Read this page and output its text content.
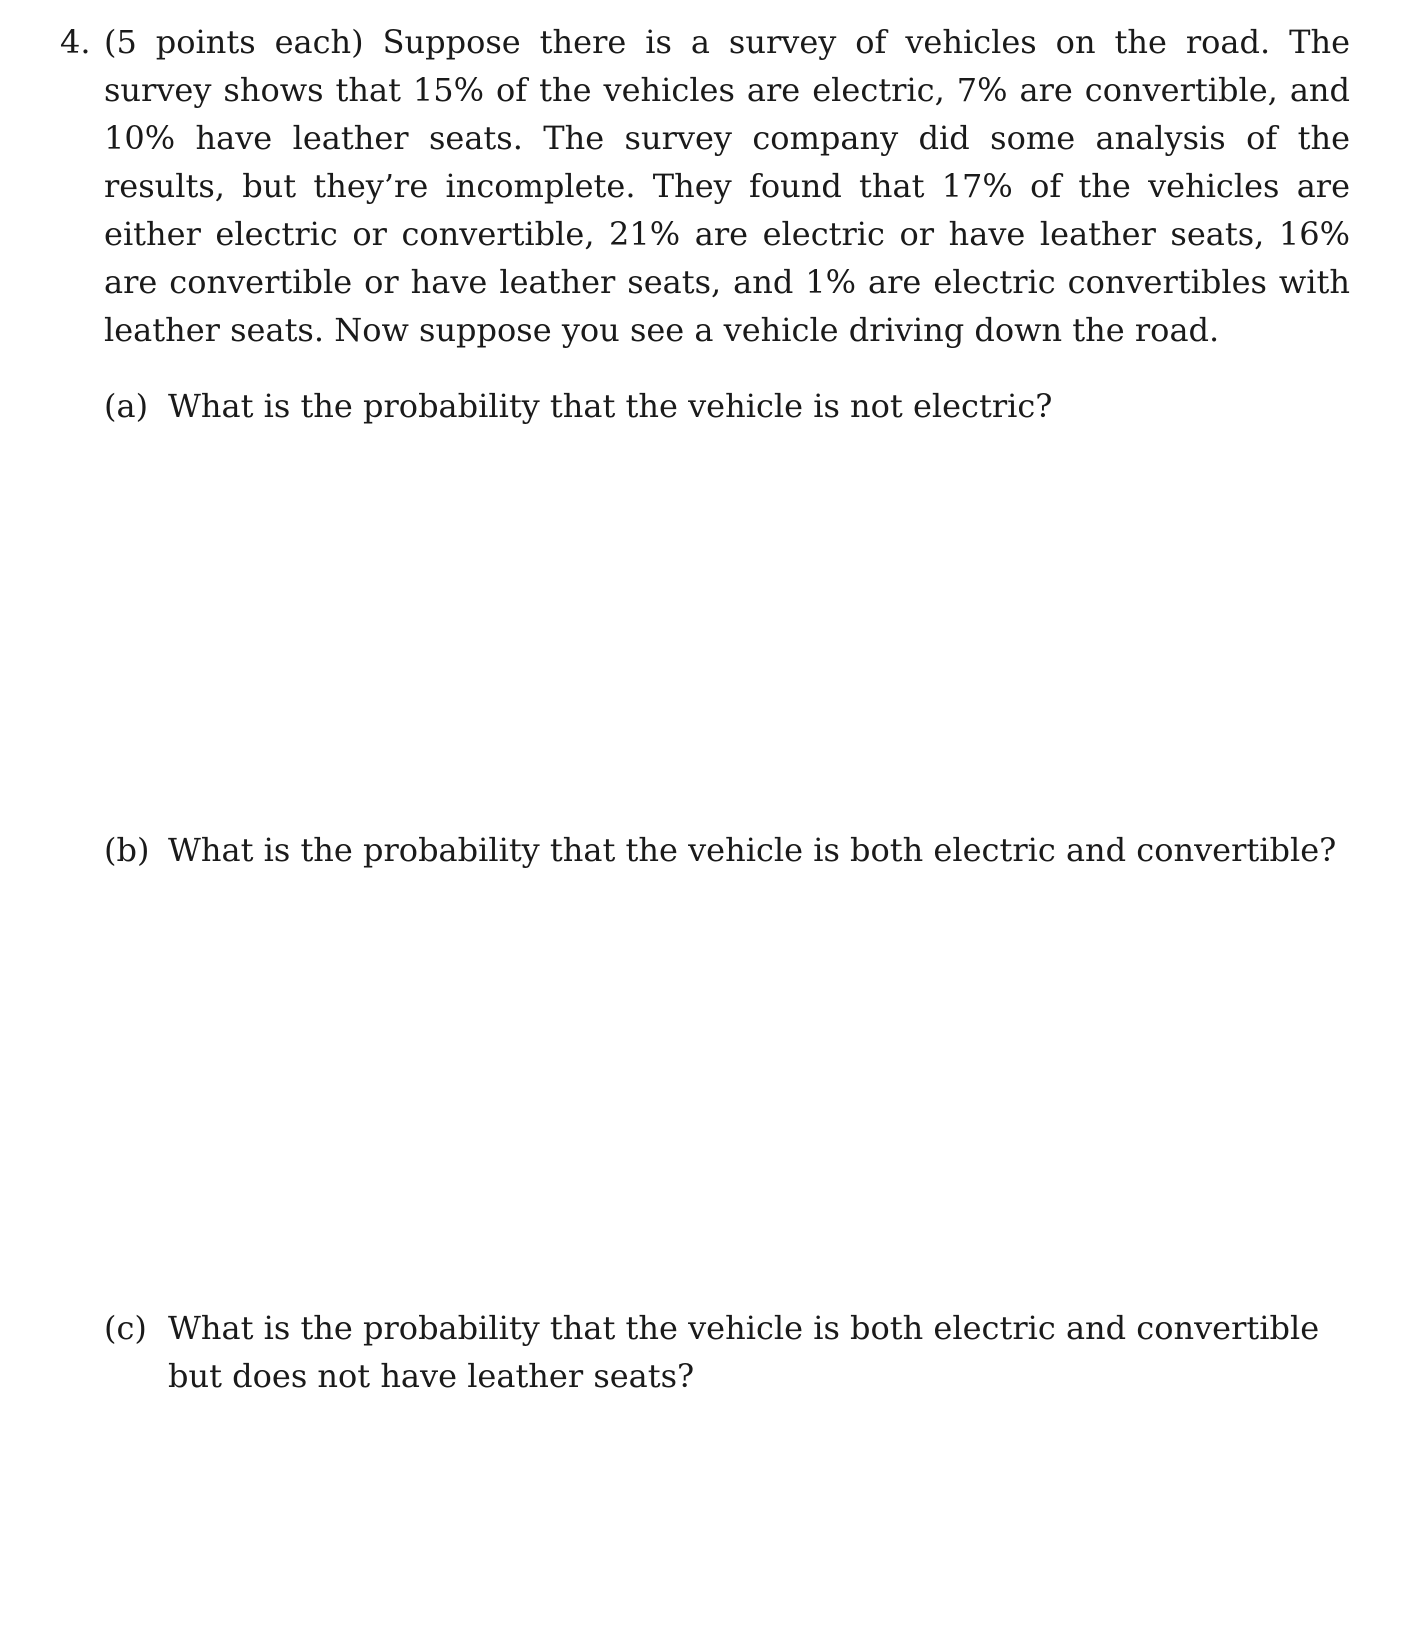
4. (5 points each) Suppose there is a survey of vehicles on the road. The survey shows that 15% of the vehicles are electric, 7% are convertible, and 10% have leather seats. The survey company did some analysis of the results, but they’re incomplete. They found that 17% of the vehicles are either electric or convertible, 21% are electric or have leather seats, 16% are convertible or have leather seats, and 1% are electric convertibles with leather seats. Now suppose you see a vehicle driving down the road.
(a) What is the probability that the vehicle is not electric?
(b) What is the probability that the vehicle is both electric and convertible?
(c) What is the probability that the vehicle is both electric and convertible but does not have leather seats?
